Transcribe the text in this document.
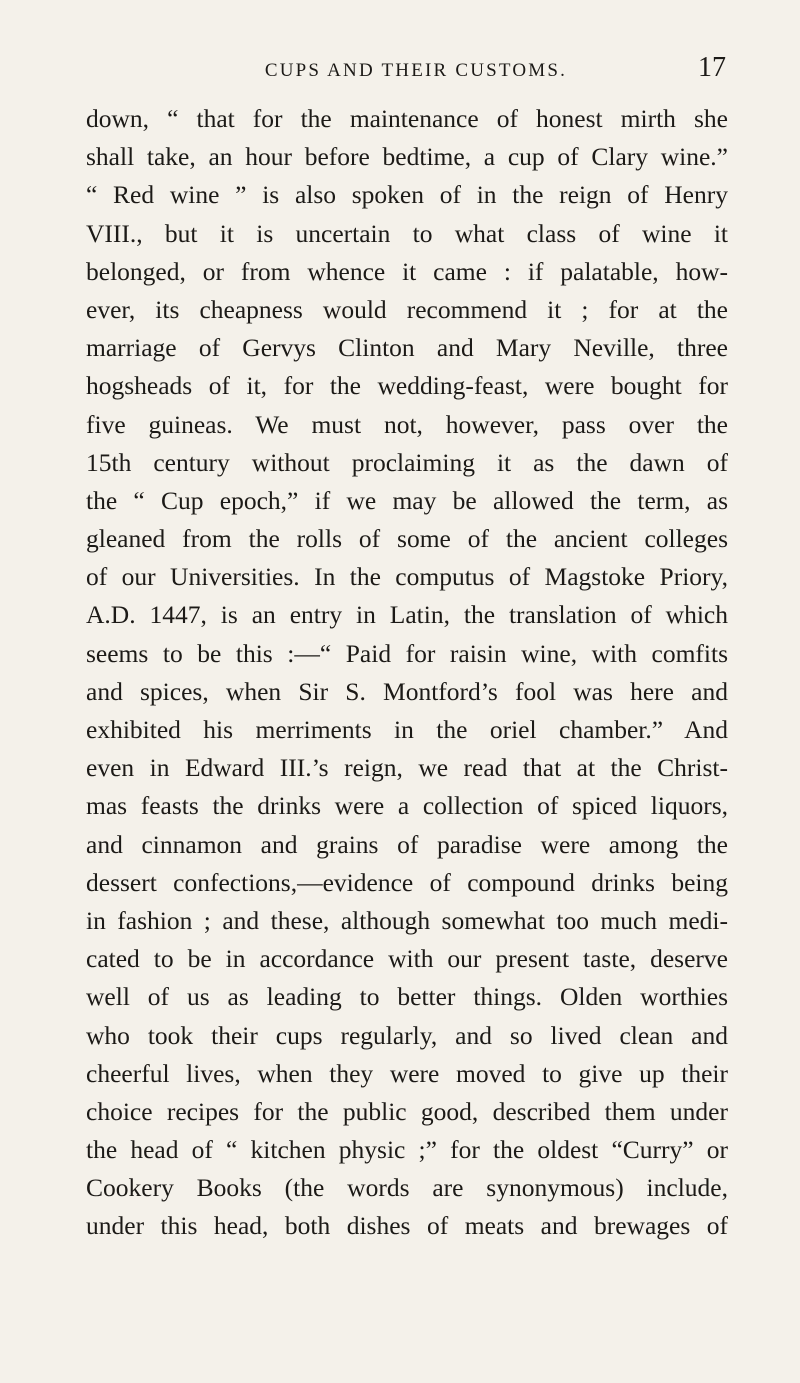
CUPS AND THEIR CUSTOMS.	17
down, “ that for the maintenance of honest mirth she
shall take, an hour before bedtime, a cup of Clary wine.”
“ Red wine ” is also spoken of in the reign of Henry
VIII., but it is uncertain to what class of wine it
belonged, or from whence it came : if palatable, how-
ever, its cheapness would recommend it ; for at the
marriage of Gervys Clinton and Mary Neville, three
hogsheads of it, for the wedding-feast, were bought for
five guineas. We must not, however, pass over the
15th century without proclaiming it as the dawn of
the “ Cup epoch,” if we may be allowed the term, as
gleaned from the rolls of some of the ancient colleges
of our Universities. In the computus of Magstoke Priory,
A.D. 1447, is an entry in Latin, the translation of which
seems to be this :—“ Paid for raisin wine, with comfits
and spices, when Sir S. Montford’s fool was here and
exhibited his merriments in the oriel chamber.” And
even in Edward III.’s reign, we read that at the Christ-
mas feasts the drinks were a collection of spiced liquors,
and cinnamon and grains of paradise were among the
dessert confections,—evidence of compound drinks being
in fashion ; and these, although somewhat too much medi-
cated to be in accordance with our present taste, deserve
well of us as leading to better things. Olden worthies
who took their cups regularly, and so lived clean and
cheerful lives, when they were moved to give up their
choice recipes for the public good, described them under
the head of “ kitchen physic ;” for the oldest “Curry” or
Cookery Books (the words are synonymous) include,
under this head, both dishes of meats and brewages of
